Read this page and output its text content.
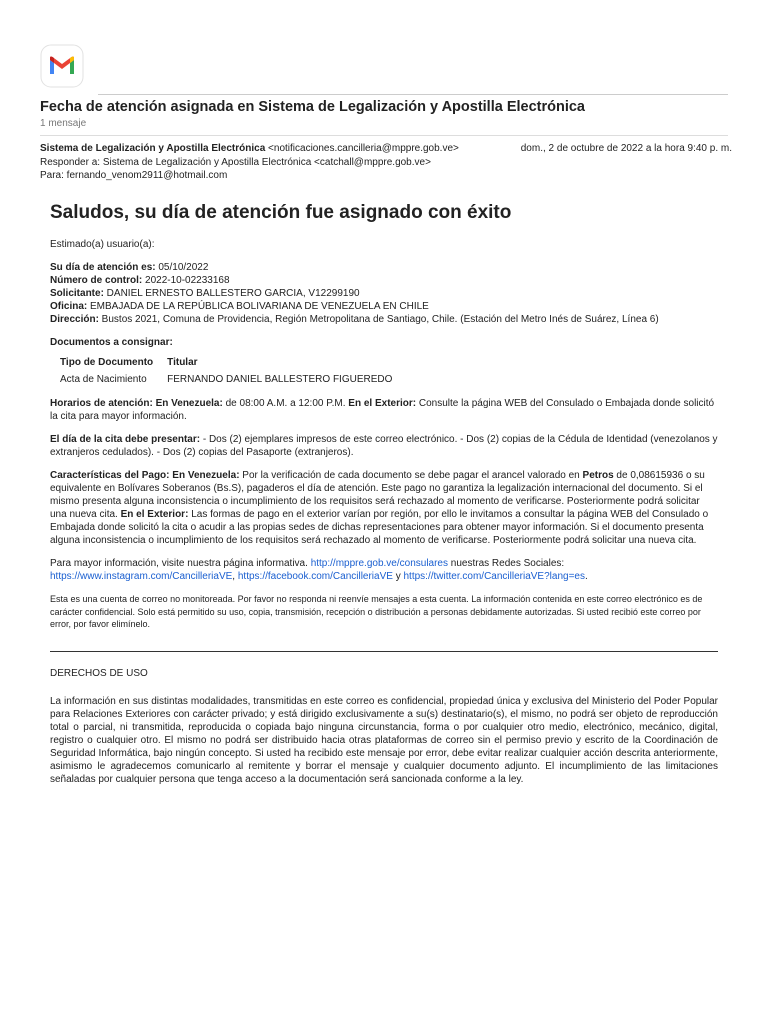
Fecha de atención asignada en Sistema de Legalización y Apostilla Electrónica
1 mensaje
Sistema de Legalización y Apostilla Electrónica <notificaciones.cancilleria@mppre.gob.ve>	dom., 2 de octubre de 2022 a la hora 9:40 p. m.
Responder a: Sistema de Legalización y Apostilla Electrónica <catchall@mppre.gob.ve>
Para: fernando_venom2911@hotmail.com
Saludos, su día de atención fue asignado con éxito
Estimado(a) usuario(a):
Su día de atención es: 05/10/2022
Número de control: 2022-10-02233168
Solicitante: DANIEL ERNESTO BALLESTERO GARCIA, V12299190
Oficina: EMBAJADA DE LA REPÚBLICA BOLIVARIANA DE VENEZUELA EN CHILE
Dirección: Bustos 2021, Comuna de Providencia, Región Metropolitana de Santiago, Chile. (Estación del Metro Inés de Suárez, Línea 6)
Documentos a consignar:
Tipo de Documento	Titular
Acta de Nacimiento	FERNANDO DANIEL BALLESTERO FIGUEREDO
Horarios de atención: En Venezuela: de 08:00 A.M. a 12:00 P.M. En el Exterior: Consulte la página WEB del Consulado o Embajada donde solicitó la cita para mayor información.
El día de la cita debe presentar: - Dos (2) ejemplares impresos de este correo electrónico. - Dos (2) copias de la Cédula de Identidad (venezolanos y extranjeros cedulados). - Dos (2) copias del Pasaporte (extranjeros).
Características del Pago: En Venezuela: Por la verificación de cada documento se debe pagar el arancel valorado en Petros de 0,08615936 o su equivalente en Bolívares Soberanos (Bs.S), pagaderos el día de atención. Este pago no garantiza la legalización internacional del documento. Si el mismo presenta alguna inconsistencia o incumplimiento de los requisitos será rechazado al momento de verificarse. Posteriormente podrá solicitar una nueva cita. En el Exterior: Las formas de pago en el exterior varían por región, por ello le invitamos a consultar la página WEB del Consulado o Embajada donde solicitó la cita o acudir a las propias sedes de dichas representaciones para obtener mayor información. Si el documento presenta alguna inconsistencia o incumplimiento de los requisitos será rechazado al momento de verificarse. Posteriormente podrá solicitar una nueva cita.
Para mayor información, visite nuestra página informativa. http://mppre.gob.ve/consulares nuestras Redes Sociales:
https://www.instagram.com/CancilleriaVE, https://facebook.com/CancilleriaVE y https://twitter.com/CancilleriaVE?lang=es.
Esta es una cuenta de correo no monitoreada. Por favor no responda ni reenvíe mensajes a esta cuenta. La información contenida en este correo electrónico es de carácter confidencial. Solo está permitido su uso, copia, transmisión, recepción o distribución a personas debidamente autorizadas. Si usted recibió este correo por error, por favor elimínelo.
DERECHOS DE USO
La información en sus distintas modalidades, transmitidas en este correo es confidencial, propiedad única y exclusiva del Ministerio del Poder Popular para Relaciones Exteriores con carácter privado; y está dirigido exclusivamente a su(s) destinatario(s), el mismo, no podrá ser objeto de reproducción total o parcial, ni transmitida, reproducida o copiada bajo ninguna circunstancia, forma o por cualquier otro medio, electrónico, mecánico, digital, registro o cualquier otro. El mismo no podrá ser distribuido hacia otras plataformas de correo sin el permiso previo y escrito de la Coordinación de Seguridad Informática, bajo ningún concepto. Si usted ha recibido este mensaje por error, debe evitar realizar cualquier acción descrita anteriormente, asimismo le agradecemos comunicarlo al remitente y borrar el mensaje y cualquier documento adjunto. El incumplimiento de las limitaciones señaladas por cualquier persona que tenga acceso a la documentación será sancionada conforme a la ley.
